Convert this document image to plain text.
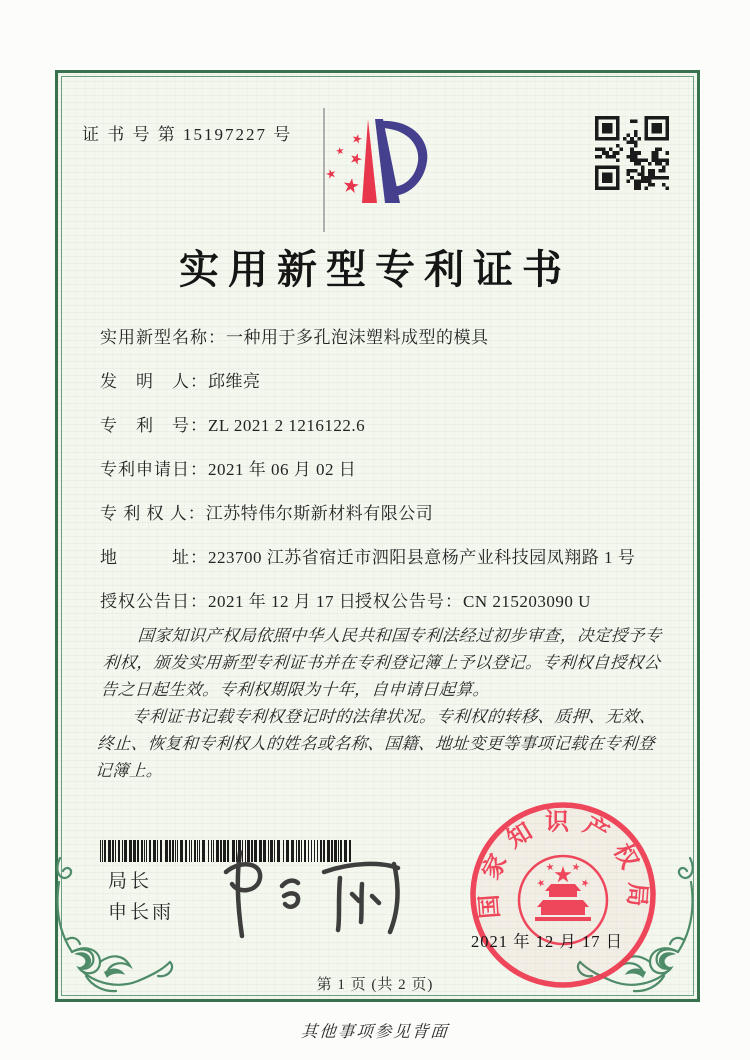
证 书 号 第 15197227 号
实用新型专利证书
实用新型名称：一种用于多孔泡沫塑料成型的模具
发　明　人：邱维亮
专　利　号：ZL 2021 2 1216122.6
专利申请日：2021 年 06 月 02 日
专 利 权 人：江苏特伟尔斯新材料有限公司
地　　　址：223700 江苏省宿迁市泗阳县意杨产业科技园凤翔路 1 号
授权公告日：2021 年 12 月 17 日
授权公告号：CN 215203090 U

国家知识产权局依照中华人民共和国专利法经过初步审查，决定授予专利权，颁发实用新型专利证书并在专利登记簿上予以登记。专利权自授权公告之日起生效。专利权期限为十年，自申请日起算。

专利证书记载专利权登记时的法律状况。专利权的转移、质押、无效、终止、恢复和专利权人的姓名或名称、国籍、地址变更等事项记载在专利登记簿上。

局长
申长雨	国家知识产权局
2021 年 12 月 17 日
第 1 页 (共 2 页)
其他事项参见背面
